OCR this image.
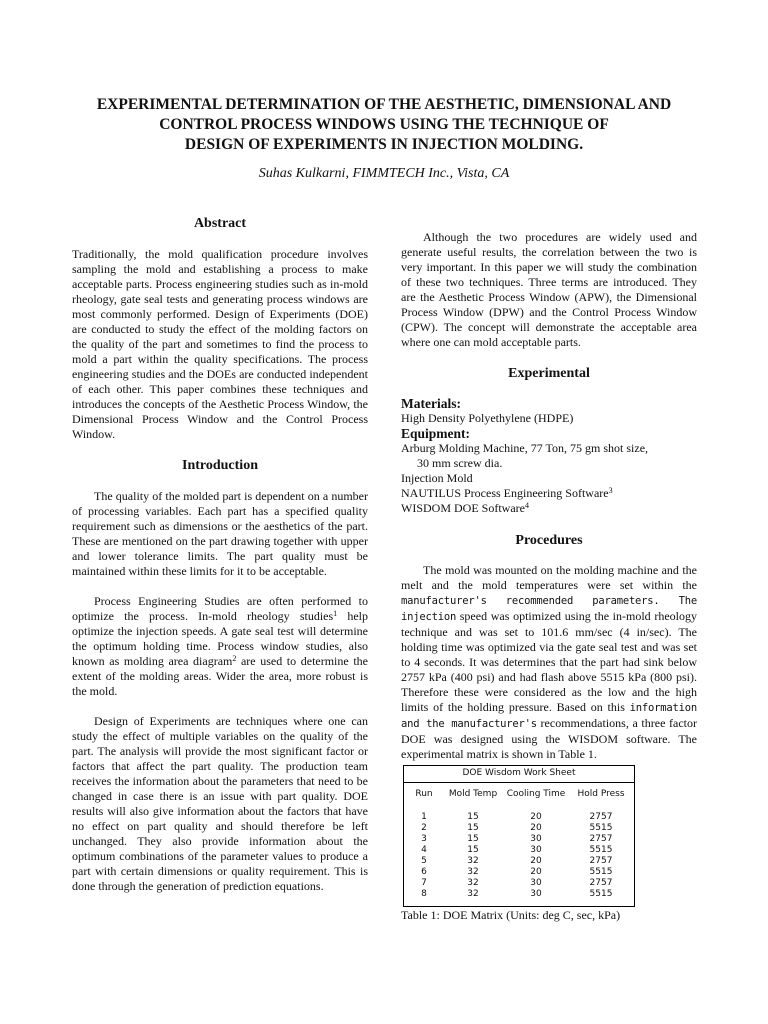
EXPERIMENTAL DETERMINATION OF THE AESTHETIC, DIMENSIONAL AND
CONTROL PROCESS WINDOWS USING THE TECHNIQUE OF
DESIGN OF EXPERIMENTS IN INJECTION MOLDING.
Suhas Kulkarni, FIMMTECH Inc., Vista, CA
Abstract

Traditionally, the mold qualification procedure involves sampling the mold and establishing a process to make acceptable parts. Process engineering studies such as in-mold rheology, gate seal tests and generating process windows are most commonly performed. Design of Experiments (DOE) are conducted to study the effect of the molding factors on the quality of the part and sometimes to find the process to mold a part within the quality specifications. The process engineering studies and the DOEs are conducted independent of each other. This paper combines these techniques and introduces the concepts of the Aesthetic Process Window, the Dimensional Process Window and the Control Process Window.

Introduction

The quality of the molded part is dependent on a number of processing variables. Each part has a specified quality requirement such as dimensions or the aesthetics of the part. These are mentioned on the part drawing together with upper and lower tolerance limits. The part quality must be maintained within these limits for it to be acceptable.

Process Engineering Studies are often performed to optimize the process. In-mold rheology studies$^1$ help optimize the injection speeds. A gate seal test will determine the optimum holding time. Process window studies, also known as molding area diagram$^2$ are used to determine the extent of the molding areas. Wider the area, more robust is the mold.

Design of Experiments are techniques where one can study the effect of multiple variables on the quality of the part. The analysis will provide the most significant factor or factors that affect the part quality. The production team receives the information about the parameters that need to be changed in case there is an issue with part quality. DOE results will also give information about the factors that have no effect on part quality and should therefore be left unchanged. They also provide information about the optimum combinations of the parameter values to produce a part with certain dimensions or quality requirement. This is done through the generation of prediction equations.

Although the two procedures are widely used and generate useful results, the correlation between the two is very important. In this paper we will study the combination of these two techniques. Three terms are introduced. They are the Aesthetic Process Window (APW), the Dimensional Process Window (DPW) and the Control Process Window (CPW). The concept will demonstrate the acceptable area where one can mold acceptable parts.

Experimental

Materials:

High Density Polyethylene (HDPE)

Equipment:

Arburg Molding Machine, 77 Ton, 75 gm shot size,

30 mm screw dia.

Injection Mold

NAUTILUS Process Engineering Software$^3$

WISDOM DOE Software$^4$

Procedures

The mold was mounted on the molding machine and the melt and the mold temperatures were set within the manufacturer's recommended parameters. The injection speed was optimized using the in-mold rheology technique and was set to 101.6 mm/sec (4 in/sec). The holding time was optimized via the gate seal test and was set to 4 seconds. It was determines that the part had sink below 2757 kPa (400 psi) and had flash above 5515 kPa (800 psi). Therefore these were considered as the low and the high limits of the holding pressure. Based on this information and the manufacturer's recommendations, a three factor DOE was designed using the WISDOM software. The experimental matrix is shown in Table 1.

DOE Wisdom Work Sheet
Run	Mold Temp	Cooling Time	Hold Press
1	15	20	2757
2	15	20	5515
3	15	30	2757
4	15	30	5515
5	32	20	2757
6	32	20	5515
7	32	30	2757
8	32	30	5515
Table 1: DOE Matrix (Units: deg C, sec, kPa)
